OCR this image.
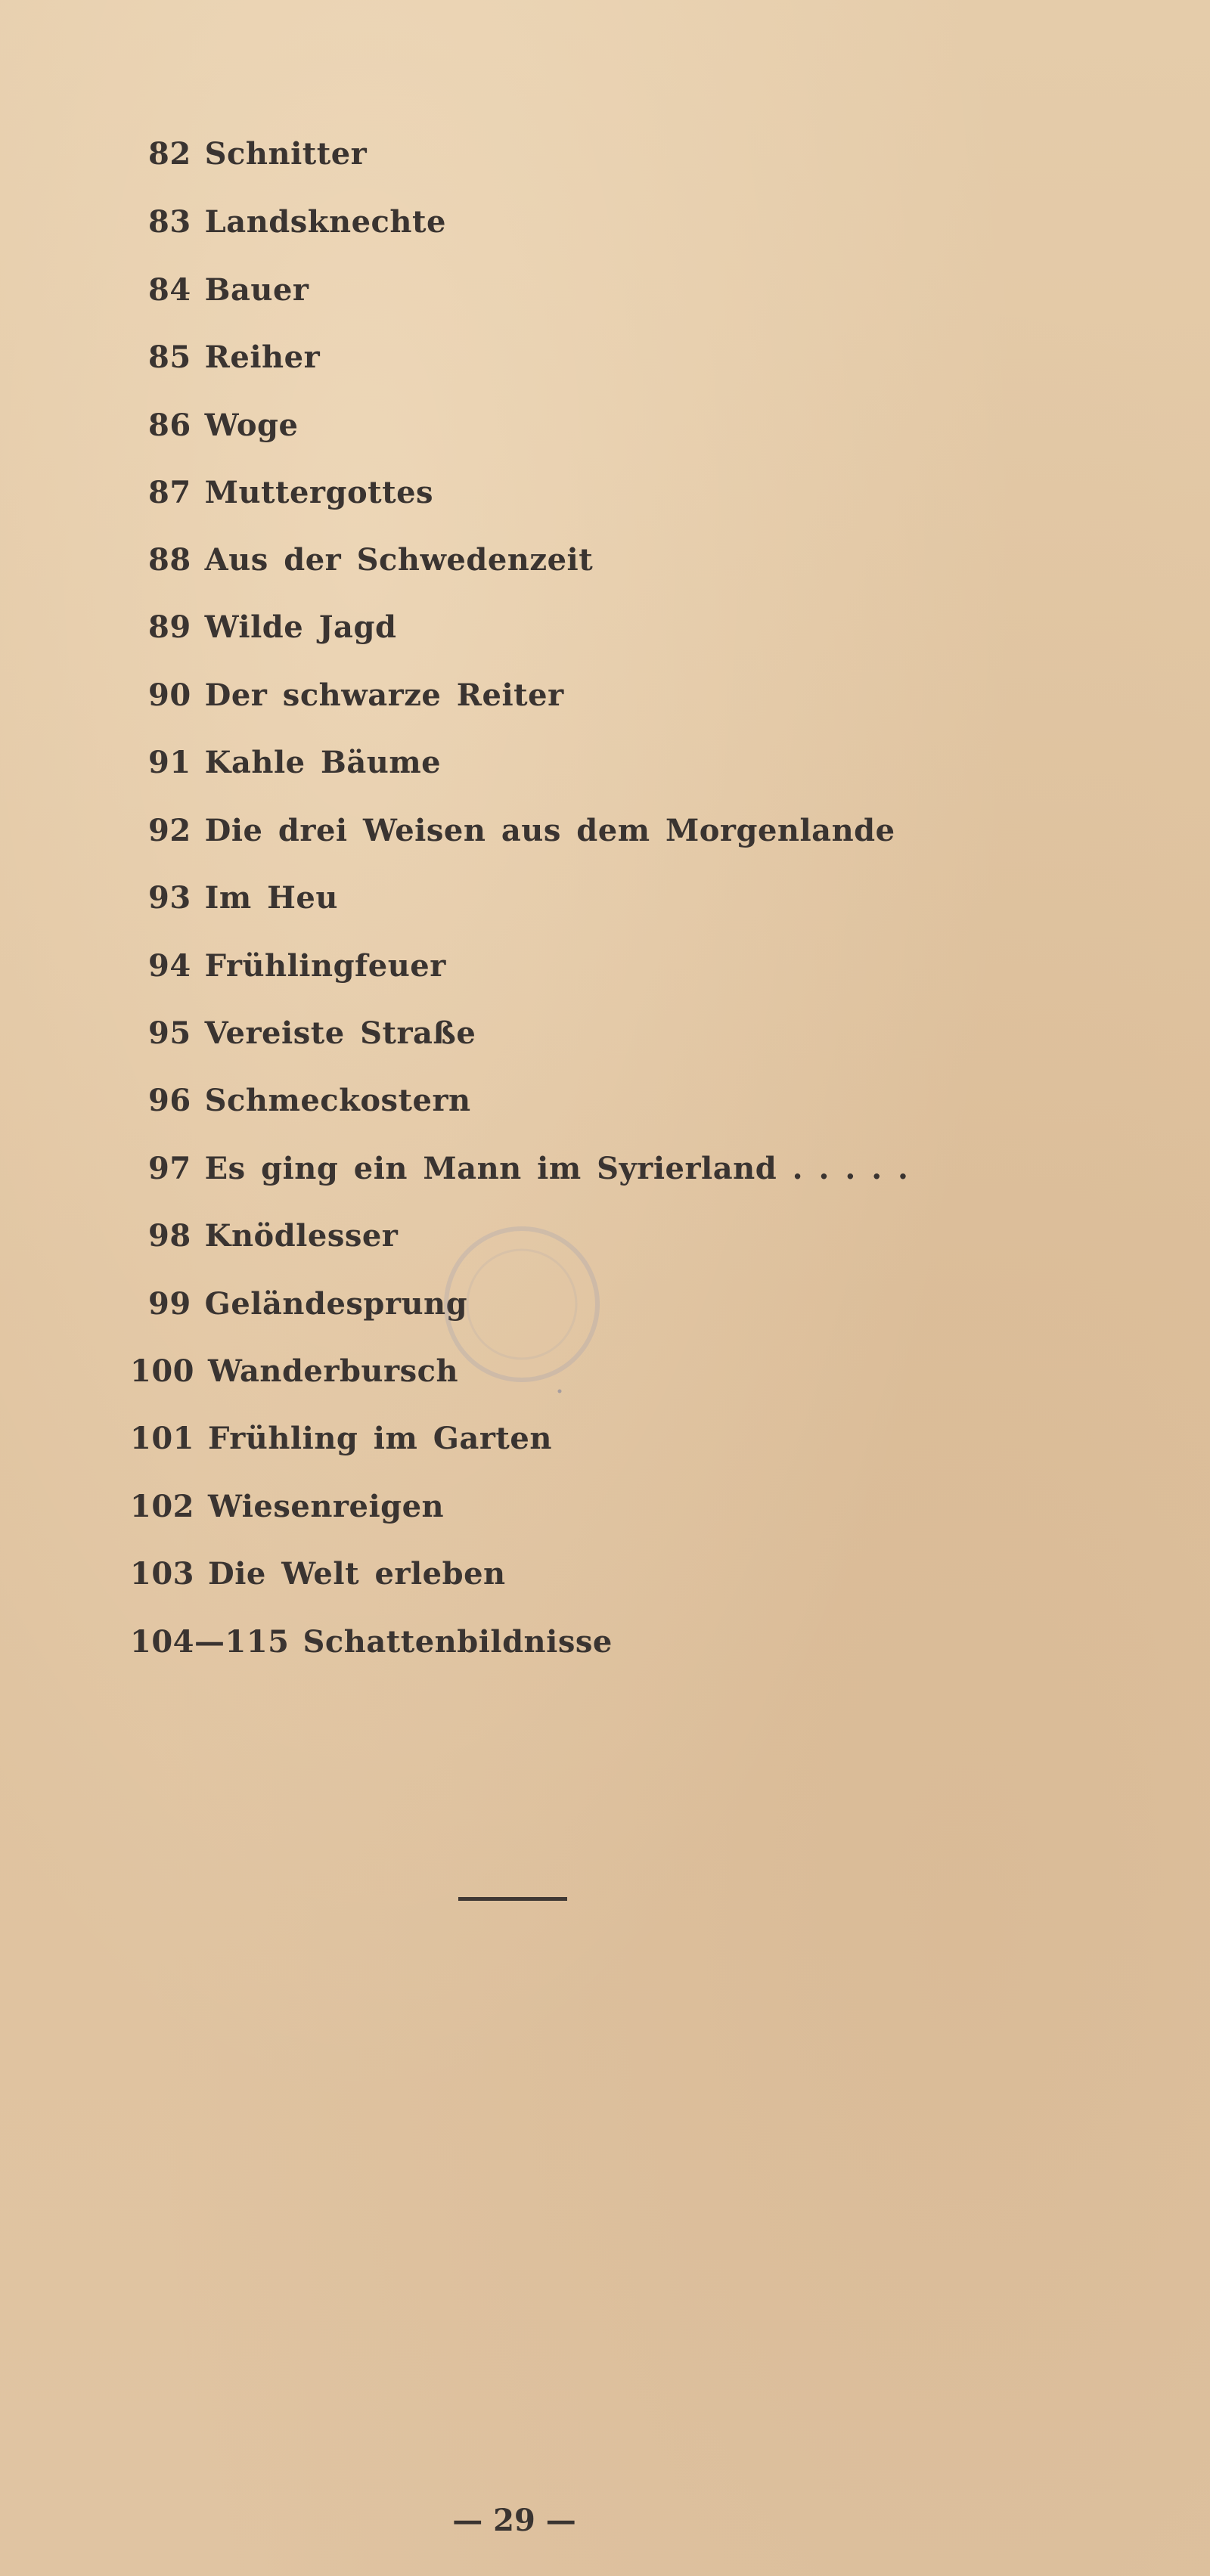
82 Schnitter
83 Landsknechte
84 Bauer
85 Reiher
86 Woge
87 Muttergottes
88 Aus der Schwedenzeit
89 Wilde Jagd
90 Der schwarze Reiter
91 Kahle Bäume
92 Die drei Weisen aus dem Morgenlande
93 Im Heu
94 Frühlingfeuer
95 Vereiste Straße
96 Schmeckostern
97 Es ging ein Mann im Syrierland . . . . .
98 Knödlesser
99 Geländesprung
100 Wanderbursch
101 Frühling im Garten
102 Wiesenreigen
103 Die Welt erleben
104—115 Schattenbildnisse
— 29 —
